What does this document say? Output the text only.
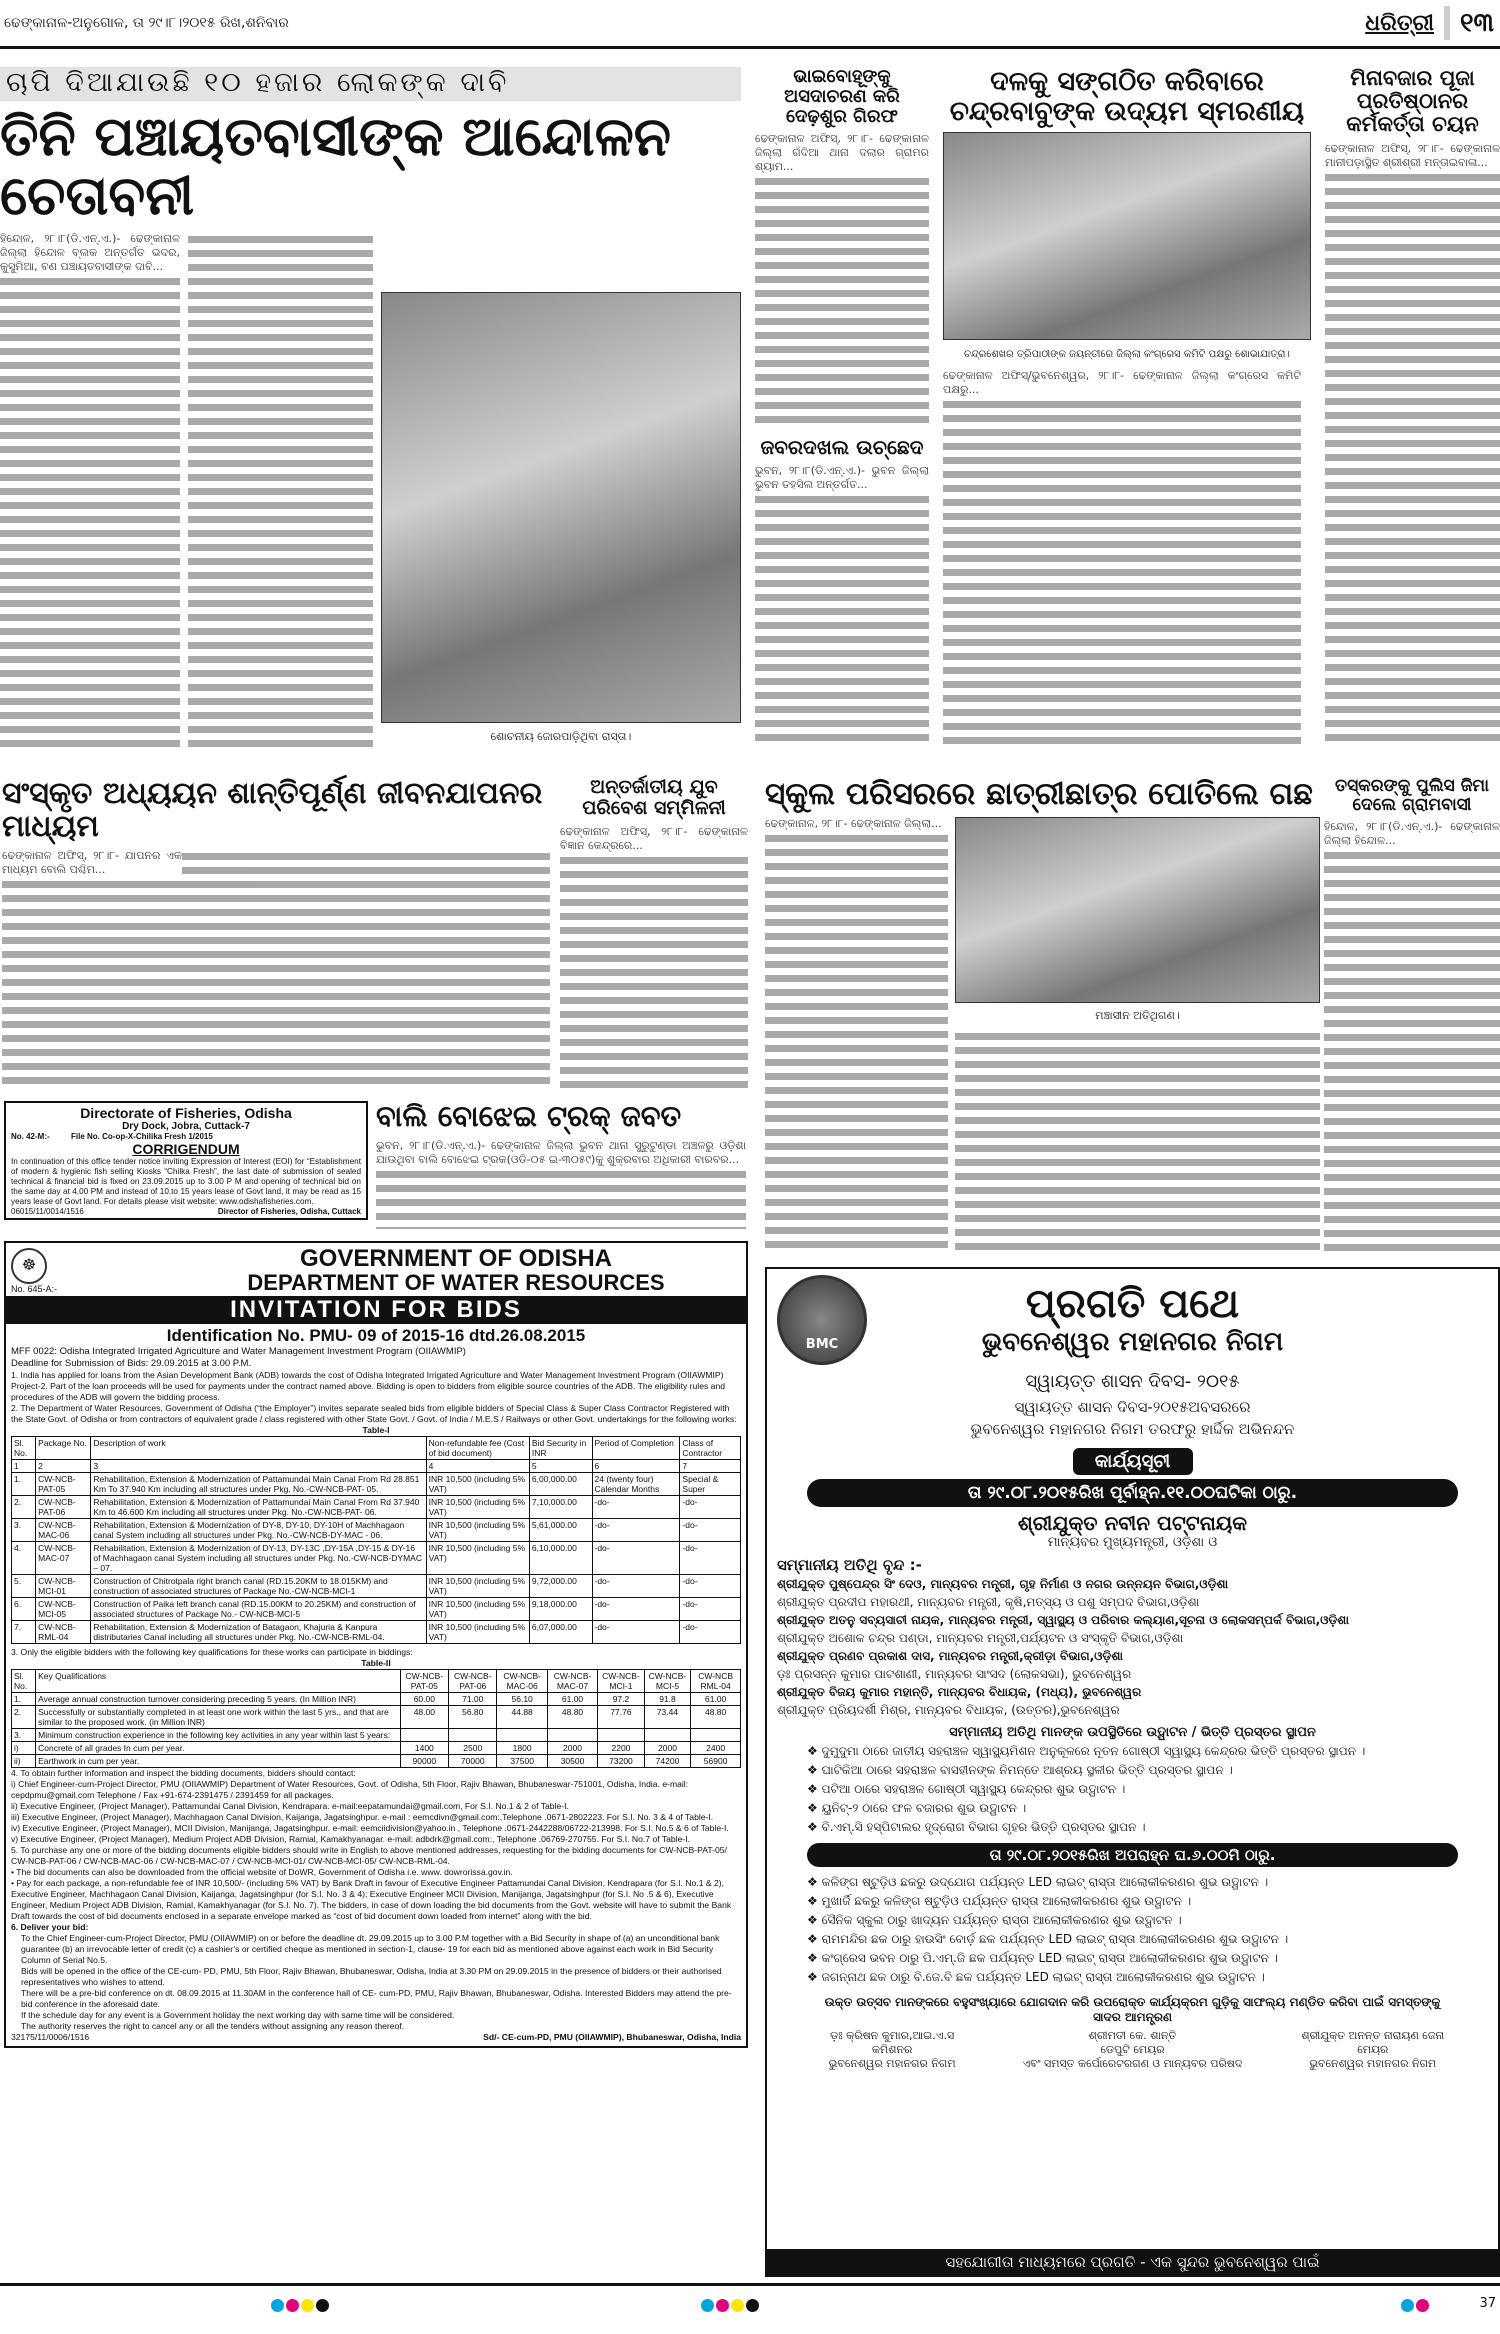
ଢେଙ୍କାନାଳ-ଅନୁଗୋଳ, ତା ୨୯।୮।୨୦୧୫ ରିଖ,ଶନିବାର	ଧରିତ୍ରୀ ୧୩
ଚାପି ଦିଆଯାଉଛି ୧୦ ହଜାର ଲୋକଙ୍କ ଦାବି
ତିନି ପଞ୍ଚାୟତବାସୀଙ୍କ ଆନ୍ଦୋଳନ ଚେତାବନୀ

ହିନ୍ଦୋଳ, ୨୮।୮(ଡି.ଏନ୍.ଏ.)- ଢେଙ୍କାନାଳ ଜିଲ୍ଲା ହିନ୍ଦୋଳ ବ୍ଲକ ଅନ୍ତର୍ଗତ ଭଦର, କୁସୁମିଆ, ବଣ ପଞ୍ଚାୟତବାସୀଙ୍କ ଦାବି...

ଶୋଚନୀୟ ଜୋରପାଡ଼ିଥିବା ରାସ୍ତା।
ଭାଇବୋହୂଙ୍କୁ ଅସଦାଚରଣ କରି ଦେଢ଼ଶୁର ଗିରଫ

ଢେଙ୍କାନାଳ ଅଫିସ୍, ୨୮।୮- ଢେଙ୍କାନାଳ ଜିଲ୍ଲା ଗଁଦିଆ ଥାନା ଦଲାର ଗ୍ରାମର ଶ୍ୟାମ...

ଜବରଦଖଲ ଉଚ୍ଛେଦ

ଭୁବନ, ୨୮।୮(ଡି.ଏନ୍.ଏ.)- ଭୁବନ ଜିଲ୍ଲା ଭୁବନ ତହସିଲ ଅନ୍ତର୍ଗତ...

ଦଳକୁ ସଙ୍ଗଠିତ କରିବାରେ ଚନ୍ଦ୍ରବାବୁଙ୍କ ଉଦ୍ୟମ ସ୍ମରଣୀୟ
ଚନ୍ଦ୍ରଶେଖର ତ୍ରିପାଠୀଙ୍କ ଜୟନ୍ତୀରେ ଜିଲ୍ଲା କଂଗ୍ରେସ କମିଟି ପକ୍ଷରୁ ଶୋଭାଯାତ୍ରା।

ଢେଙ୍କାନାଳ ଅଫିସ୍/ଭୁବନେଶ୍ୱର, ୨୮।୮- ଢେଙ୍କାନାଳ ଜିଲ୍ଲା କଂଗ୍ରେସ କମିଟି ପକ୍ଷରୁ...

ମିନାବଜାର ପୂଜା ପ୍ରତିଷ୍ଠାନର କର୍ମକର୍ତ୍ତା ଚୟନ

ଢେଙ୍କାନାଳ ଅଫିସ୍, ୨୮।୮- ଢେଙ୍କାନାଳ ମାନୀପଡ଼ାସ୍ଥିତ ଶ୍ରୀଶ୍ରୀ ମନ୍ତାଇବାଳା...

ସଂସ୍କୃତ ଅଧ୍ୟୟନ ଶାନ୍ତିପୂର୍ଣ୍ଣ ଜୀବନଯାପନର ମାଧ୍ୟମ

ଢେଙ୍କାନାଳ ଅଫିସ୍, ୨୮।୮- ଯାପନର ଏକ ମାଧ୍ୟମ ବୋଲି ପଶ୍ଚିମ...

ଅନ୍ତର୍ଜାତୀୟ ଯୁବ ପରିବେଶ ସମ୍ମିଳନୀ

ଢେଙ୍କାନାଳ ଅଫିସ୍, ୨୮।୮- ଢେଙ୍କାନାଳ ବିଜ୍ଞାନ କେନ୍ଦ୍ରରେ...

Directorate of Fisheries, Odisha
Dry Dock, Jobra, Cuttack-7
No. 42-M:-	File No. Co-op-X-Chilika Fresh 1/2015
CORRIGENDUM

In continuation of this office tender notice inviting Expression of Interest (EOI) for “Establishment of modern & hygienic fish selling Kiosks “Chilka Fresh”, the last date of submission of sealed technical & financial bid is fixed on 23.09.2015 up to 3.00 P M and opening of technical bid on the same day at 4.00 PM and instead of 10.to 15 years lease of Govt land, it may be read as 15 years lease of Govt land. For details please visit website: www.odishafisheries.com.

06015/11/0014/1516	Director of Fisheries, Odisha, Cuttack
ବାଲି ବୋଝେଇ ଟ୍ରକ୍ ଜବତ

ଭୁବନ, ୨୮।୮(ଡି.ଏନ୍.ଏ.)- ଢେଙ୍କାନାଳ ଜିଲ୍ଲା ଭୁବନ ଥାନା ସୁରୁଟୁଣ୍ଡା ଅଞ୍ଚଳରୁ ଓଡ଼ିଶା ଯାଉଥିବା ବାଲି ବୋଝେଇ ଟ୍ରକ(ଓଡି-୦୫ ଇ-୩୦୫୯)କୁ ଶୁକ୍ରବାର ଅଧିକାରୀ ବାରବର...

☸
No. 645-A:-
GOVERNMENT OF ODISHA
DEPARTMENT OF WATER RESOURCES
INVITATION FOR BIDS
Identification No. PMU- 09 of 2015-16 dtd.26.08.2015
MFF 0022: Odisha Integrated Irrigated Agriculture and Water Management Investment Program (OIIAWMIP)
Deadline for Submission of Bids: 29.09.2015 at 3.00 P.M.

1. India has applied for loans from the Asian Development Bank (ADB) towards the cost of Odisha Integrated Irrigated Agriculture and Water Management Investment Program (OIIAWMIP) Project-2. Part of the loan proceeds will be used for payments under the contract named above. Bidding is open to bidders from eligible source countries of the ADB. The eligibility rules and procedures of the ADB will govern the bidding process.

2. The Department of Water Resources, Government of Odisha (“the Employer”) invites separate sealed bids from eligible bidders of Special Class & Super Class Contractor Registered with the State Govt. of Odisha or from contractors of equivalent grade / class registered with other State Govt. / Govt. of India / M.E.S / Railways or other Govt. undertakings for the following works:

Table-I
Sl. No.	Package No.	Description of work	Non-refundable fee (Cost of bid document)	Bid Security in INR	Period of Completion	Class of Contractor
1	2	3	4	5	6	7
1.	CW-NCB-PAT-05	Rehabilitation, Extension & Modernization of Pattamundai Main Canal From Rd 28.851 Km To 37.940 Km including all structures under Pkg. No.-CW-NCB-PAT- 05.	INR 10,500 (including 5% VAT)	6,00,000.00	24 (twenty four) Calendar Months	Special & Super
2.	CW-NCB-PAT-06	Rehabilitation, Extension & Modernization of Pattamundai Main Canal From Rd 37.940 Km to 46.600 Km including all structures under Pkg. No.-CW-NCB-PAT- 06.	INR 10,500 (including 5% VAT)	7,10,000.00	-do-	-do-
3.	CW-NCB-MAC-06	Rehabilitation, Extension & Modernization of DY-8, DY-10, DY-10H of Machhagaon canal System including all structures under Pkg. No.-CW-NCB-DY-MAC - 06.	INR 10,500 (including 5% VAT)	5,61,000.00	-do-	-do-
4.	CW-NCB-MAC-07	Rehabilitation, Extension & Modernization of DY-13, DY-13C ,DY-15A ,DY-15 & DY-16 of Machhagaon canal System including all structures under Pkg. No.-CW-NCB-DYMAC – 07.	INR 10,500 (including 5% VAT)	6,10,000.00	-do-	-do-
5.	CW-NCB-MCI-01	Construction of Chitrotpala right branch canal (RD.15.20KM to 18.015KM) and construction of associated structures of Package No.-CW-NCB-MCI-1	INR 10,500 (including 5% VAT)	9,72,000.00	-do-	-do-
6.	CW-NCB-MCI-05	Construction of Paika left branch canal (RD.15.00KM to 20.25KM) and construction of associated structures of Package No.- CW-NCB-MCI-5	INR 10,500 (including 5% VAT)	9,18,000.00	-do-	-do-
7.	CW-NCB-RML-04	Rehabilitation, Extension & Modernization of Batagaon, Khajuria & Kanpura distributaries Canal including all structures under Pkg. No.-CW-NCB-RML-04.	INR 10,500 (including 5% VAT)	6,07,000.00	-do-	-do-

3. Only the eligible bidders with the following key qualifications for these works can participate in biddings:

Table-II
Sl. No.	Key Qualifications	CW-NCB-PAT-05	CW-NCB-PAT-06	CW-NCB-MAC-06	CW-NCB-MAC-07	CW-NCB-MCI-1	CW-NCB-MCI-5	CW-NCB RML-04
1.	Average annual construction turnover considering preceding 5 years. (In Million INR)	60.00	71.00	56.10	61.00	97.2	91.8	61.00
2.	Successfully or substantially completed in at least one work within the last 5 yrs., and that are similar to the proposed work. (in Million INR)	48.00	56.80	44.88	48.80	77.76	73.44	48.80
3.	Minimum construction experience in the following key activities in any year within last 5 years:							
i)	Concrete of all grades In cum per year.	1400	2500	1800	2000	2200	2000	2400
ii)	Earthwork in cum per year.	90000	70000	37500	30500	73200	74200	56900

4. To obtain further information and inspect the bidding documents, bidders should contact:

i) Chief Engineer-cum-Project Director, PMU (OIIAWMIP) Department of Water Resources, Govt. of Odisha, 5th Floor, Rajiv Bhawan, Bhubaneswar-751001, Odisha, India. e-mail: cepdpmu@gmail.com Telephone / Fax +91-674-2391475 / 2391459 for all packages.

ii) Executive Engineer, (Project Manager), Pattamundai Canal Division, Kendrapara. e-mail:eepatamundai@gmail.com, For S.I. No.1 & 2 of Table-I.

iii) Executive Engineer, (Project Manager), Machhagaon Canal Division, Kaijanga, Jagatsinghpur. e-mail : eemcdivn@gmail.com:,Telephone .0671-2802223. For S.I. No. 3 & 4 of Table-I.

iv) Executive Engineer, (Project Manager), MCII Division, Manijanga, Jagatsinghpur. e-mail: eemciidivision@yahoo.in , Telephone .0671-2442288/06722-213998. For S.I. No.5 & 6 of Table-I.

v) Executive Engineer, (Project Manager), Medium Project ADB Division, Ramial, Kamakhyanagar. e-mail: adbdrk@gmail.com:, Telephone .06769-270755. For S.I. No.7 of Table-I.

5. To purchase any one or more of the bidding documents eligible bidders should write in English to above mentioned addresses, requesting for the bidding documents for CW-NCB-PAT-05/ CW-NCB-PAT-06 / CW-NCB-MAC-06 / CW-NCB-MAC-07 / CW-NCB-MCI-01/ CW-NCB-MCI-05/ CW-NCB-RML-04.

• The bid documents can also be downloaded from the official website of DoWR, Government of Odisha i.e. www. dowrorissa.gov.in.

• Pay for each package, a non-refundable fee of INR 10,500/- (including 5% VAT) by Bank Draft in favour of Executive Engineer Pattamundai Canal Division, Kendrapara (for S.I. No.1 & 2), Executive Engineer, Machhagaon Canal Division, Kaijanga, Jagatsinghpur (for S.I. No. 3 & 4); Executive Engineer MCII Division, Manijanga, Jagatsinghpur (for S.I. No .5 & 6), Executive Engineer, Medium Project ADB Division, Ramial, Kamakhyanagar (for S.I. No. 7). The bidders, in case of down loading the bid documents from the Govt. website will have to submit the Bank Draft towards the cost of bid documents enclosed in a separate envelope marked as “cost of bid document down loaded from internet” along with the bid.

6. Deliver your bid:

To the Chief Engineer-cum-Project Director, PMU (OIIAWMIP) on or before the deadline dt. 29.09.2015 up to 3.00 P.M together with a Bid Security in shape of (a) an unconditional bank guarantee (b) an irrevocable letter of credit (c) a cashier’s or certified cheque as mentioned in section-1, clause- 19 for each bid as mentioned above against each work in Bid Security Column of Serial No.5.

Bids will be opened in the office of the CE-cum- PD, PMU, 5th Floor, Rajiv Bhawan, Bhubaneswar, Odisha, India at 3.30 PM on 29.09.2015 in the presence of bidders or their authorised representatives who wishes to attend.

There will be a pre-bid conference on dt. 08.09.2015 at 11.30AM in the conference hall of CE- cum-PD, PMU, Rajiv Bhawan, Bhubaneswar, Odisha. Interested Bidders may attend the pre-bid conference in the aforesaid date.

If the schedule day for any event is a Government holiday the next working day with same time will be considered.

The authority reserves the right to cancel any or all the tenders without assigning any reason thereof.

32175/11/0006/1516	Sd/- CE-cum-PD, PMU (OIIAWMIP), Bhubaneswar, Odisha, India
ସ୍କୁଲ ପରିସରରେ ଛାତ୍ରୀଛାତ୍ର ପୋତିଲେ ଗଛ

ଢେଙ୍କାନାଳ, ୨୮।୮- ଢେଙ୍କାନାଳ ଜିଲ୍ଲା...

ମଞ୍ଚାସୀନ ଅତିଥିଗଣ।
ତସ୍କରଙ୍କୁ ପୁଲିସ ଜିମା ଦେଲେ ଗ୍ରାମବାସୀ

ହିନ୍ଦୋଳ, ୨୮।୮(ଡି.ଏନ୍.ଏ.)- ଢେଙ୍କାନାଳ ଜିଲ୍ଲା ହିନ୍ଦୋଳ...

BMC
ପ୍ରଗତି ପଥେ
ଭୁବନେଶ୍ୱର ମହାନଗର ନିଗମ
ସ୍ୱାୟତ୍ତ ଶାସନ ଦିବସ- ୨୦୧୫
ସ୍ୱାୟତ୍ତ ଶାସନ ଦିବସ-୨୦୧୫ଅବସରରେ
ଭୁବନେଶ୍ୱର ମହାନଗର ନିଗମ ତରଫରୁ ହାର୍ଦ୍ଦିକ ଅଭିନନ୍ଦନ
କାର୍ଯ୍ୟସୂଚୀ
ତା ୨୯.୦୮.୨୦୧୫ରିଖ ପୂର୍ବାହ୍ନ.୧୧.୦୦ଘଟିକା ଠାରୁ.
ଶ୍ରୀଯୁକ୍ତ ନବୀନ ପଟ୍ଟନାୟକ
ମାନ୍ୟବର ମୁଖ୍ୟମନ୍ତ୍ରୀ, ଓଡ଼ିଶା ଓ
ସମ୍ମାନୀୟ ଅତିଥି ବୃନ୍ଦ :-
ଶ୍ରୀଯୁକ୍ତ ପୁଷ୍ପେନ୍ଦ୍ର ସିଂ ଦେଓ, ମାନ୍ୟବର ମନ୍ତ୍ରୀ, ଗୃହ ନିର୍ମାଣ ଓ ନଗର ଉନ୍ନୟନ ବିଭାଗ,ଓଡ଼ିଶା
ଶ୍ରୀଯୁକ୍ତ ପ୍ରଦୀପ ମହାରଥୀ, ମାନ୍ୟବର ମନ୍ତ୍ରୀ, କୃଷି,ମତ୍ସ୍ୟ ଓ ପଶୁ ସମ୍ପଦ ବିଭାଗ,ଓଡ଼ିଶା
ଶ୍ରୀଯୁକ୍ତ ଅତନୁ ସବ୍ୟସାଚୀ ନାୟକ, ମାନ୍ୟବର ମନ୍ତ୍ରୀ, ସ୍ୱାସ୍ଥ୍ୟ ଓ ପରିବାର କଲ୍ୟାଣ,ସୂଚନା ଓ ଲୋକସମ୍ପର୍କ ବିଭାଗ,ଓଡ଼ିଶା
ଶ୍ରୀଯୁକ୍ତ ଅଶୋକ ଚନ୍ଦ୍ର ପଣ୍ଡା, ମାନ୍ୟବର ମନ୍ତ୍ରୀ,ପର୍ଯ୍ୟଟନ ଓ ସଂସ୍କୃତି ବିଭାଗ,ଓଡ଼ିଶା
ଶ୍ରୀଯୁକ୍ତ ପ୍ରଣବ ପ୍ରକାଶ ଦାସ, ମାନ୍ୟବର ମନ୍ତ୍ରୀ,କ୍ରୀଡ଼ା ବିଭାଗ,ଓଡ଼ିଶା
ଡ଼ଃ ପ୍ରସନ୍ନ କୁମାର ପାଟଶାଣୀ, ମାନ୍ୟବର ସାଂସଦ (ଲୋକସଭା), ଭୁବନେଶ୍ୱର
ଶ୍ରୀଯୁକ୍ତ ବିଜୟ କୁମାର ମହାନ୍ତି, ମାନ୍ୟବର ବିଧାୟକ, (ମଧ୍ୟ), ଭୁବନେଶ୍ୱର
ଶ୍ରୀଯୁକ୍ତ ପ୍ରିୟଦର୍ଶୀ ମିଶ୍ର, ମାନ୍ୟବର ବିଧାୟକ, (ଉତ୍ତର),ଭୁବନେଶ୍ୱର
ସମ୍ମାନୀୟ ଅତିଥି ମାନଙ୍କ ଉପସ୍ଥିତିରେ ଉଦ୍ଘାଟନ / ଭିତ୍ତି ପ୍ରସ୍ତର ସ୍ଥାପନ
❖ ଦୁମୁଦୁମା ଠାରେ ଜାତୀୟ ସହରାଞ୍ଚଳ ସ୍ୱାସ୍ଥ୍ୟମିଶନ ଅନୁକୂଳରେ ନୂତନ ଗୋଷ୍ଠୀ ସ୍ୱାସ୍ଥ୍ୟ କେନ୍ଦ୍ରର ଭିତ୍ତି ପ୍ରସ୍ତର ସ୍ଥାପନ ।
❖ ଘାଟିକିଆ ଠାରେ ସହରାଞ୍ଚଳ ବାସହୀନଙ୍କ ନିମନ୍ତେ ଆଶ୍ରୟ ସ୍ଥଳୀର ଭିତ୍ତି ପ୍ରସ୍ତର ସ୍ଥାପନ ।
❖ ପଟିଆ ଠାରେ ସହରାଞ୍ଚଳ ଗୋଷ୍ଠୀ ସ୍ୱାସ୍ଥ୍ୟ କେନ୍ଦ୍ରର ଶୁଭ ଉଦ୍ଘାଟନ ।
❖ ୟୁନିଟ୍-୨ ଠାରେ ଫଳ ବଜାରର ଶୁଭ ଉଦ୍ଘାଟନ ।
❖ ବି.ଏମ୍.ସି ହସ୍ପିଟାଲର ହୃଦ୍‌ରୋଗ ବିଭାଗ ଗୃହର ଭିତ୍ତି ପ୍ରସ୍ତର ସ୍ଥାପନ ।
ତା ୨୯.୦୮.୨୦୧୫ରିଖ ଅପରାହ୍ନ ଘ.୬.୦୦ମି ଠାରୁ.
❖ କଳିଙ୍ଗ ଷ୍ଟୁଡ଼ିଓ ଛକରୁ ଉଦ୍‌ଯୋଗ ପର୍ଯ୍ୟନ୍ତ LED ଲାଇଟ୍ ରାସ୍ତା ଆଲୋକୀକରଣର ଶୁଭ ଉଦ୍ଘାଟନ ।
❖ ମୁଖାର୍ଜି ଛକରୁ କଳିଙ୍ଗ ଷ୍ଟୁଡ଼ିଓ ପର୍ଯ୍ୟନ୍ତ ରାସ୍ତା ଆଲୋକୀକରଣର ଶୁଭ ଉଦ୍ଘାଟନ ।
❖ ସୈନିକ ସ୍କୁଲ ଠାରୁ ଖାଦ୍ୟନ ପର୍ଯ୍ୟନ୍ତ ରାସ୍ତା ଆଲୋକୀକରଣର ଶୁଭ ଉଦ୍ଘାଟନ ।
❖ ରାମମନ୍ଦିର ଛକ ଠାରୁ ହାଉସିଂ ବୋର୍ଡ଼ ଛକ ପର୍ଯ୍ୟନ୍ତ LED ଲାଇଟ୍ ରାସ୍ତା ଆଲୋକୀକରଣର ଶୁଭ ଉଦ୍ଘାଟନ ।
❖ କଂଗ୍ରେସ ଭବନ ଠାରୁ ପି.ଏମ୍.ଜି ଛକ ପର୍ଯ୍ୟନ୍ତ LED ଲାଇଟ୍ ରାସ୍ତା ଆଲୋକୀକରଣର ଶୁଭ ଉଦ୍ଘାଟନ ।
❖ ଜଗନ୍ନାଥ ଛକ ଠାରୁ ବି.ଜେ.ବି ଛକ ପର୍ଯ୍ୟନ୍ତ LED ଲାଇଟ୍ ରାସ୍ତା ଆଲୋକୀକରଣର ଶୁଭ ଉଦ୍ଘାଟନ ।
ଉକ୍ତ ଉତ୍ସବ ମାନଙ୍କରେ ବହୁସଂଖ୍ୟାରେ ଯୋଗଦାନ କରି ଉପରୋକ୍ତ କାର୍ଯ୍ୟକ୍ରମ ଗୁଡ଼ିକୁ ସାଫଲ୍ୟ ମଣ୍ଡିତ କରିବା ପାଇଁ ସମସ୍ତଙ୍କୁ ସାଦର ଆମନ୍ତ୍ରଣ
ଡ଼ଃ କ୍ରିଷନ କୁମାର,ଆଇ.ଏ.ସ
କମିଶନର
ଭୁବନେଶ୍ୱର ମହାନଗର ନିଗମ
ଶ୍ରୀମତୀ କେ. ଶାନ୍ତି
ଡେପୁଟି ମେୟର
ଏବଂ ସମସ୍ତ କର୍ପୋରେଟରଗଣ ଓ ମାନ୍ୟବର ପରିଷଦ
ଶ୍ରୀଯୁକ୍ତ ଅନନ୍ତ ନାରାୟଣ ଜେନା
ମେୟର
ଭୁବନେଶ୍ୱର ମହାନଗର ନିଗମ
ସହଯୋଗୀତା ମାଧ୍ୟମରେ ପ୍ରଗତି - ଏକ ସୁନ୍ଦର ଭୁବନେଶ୍ୱର ପାଇଁ
37
